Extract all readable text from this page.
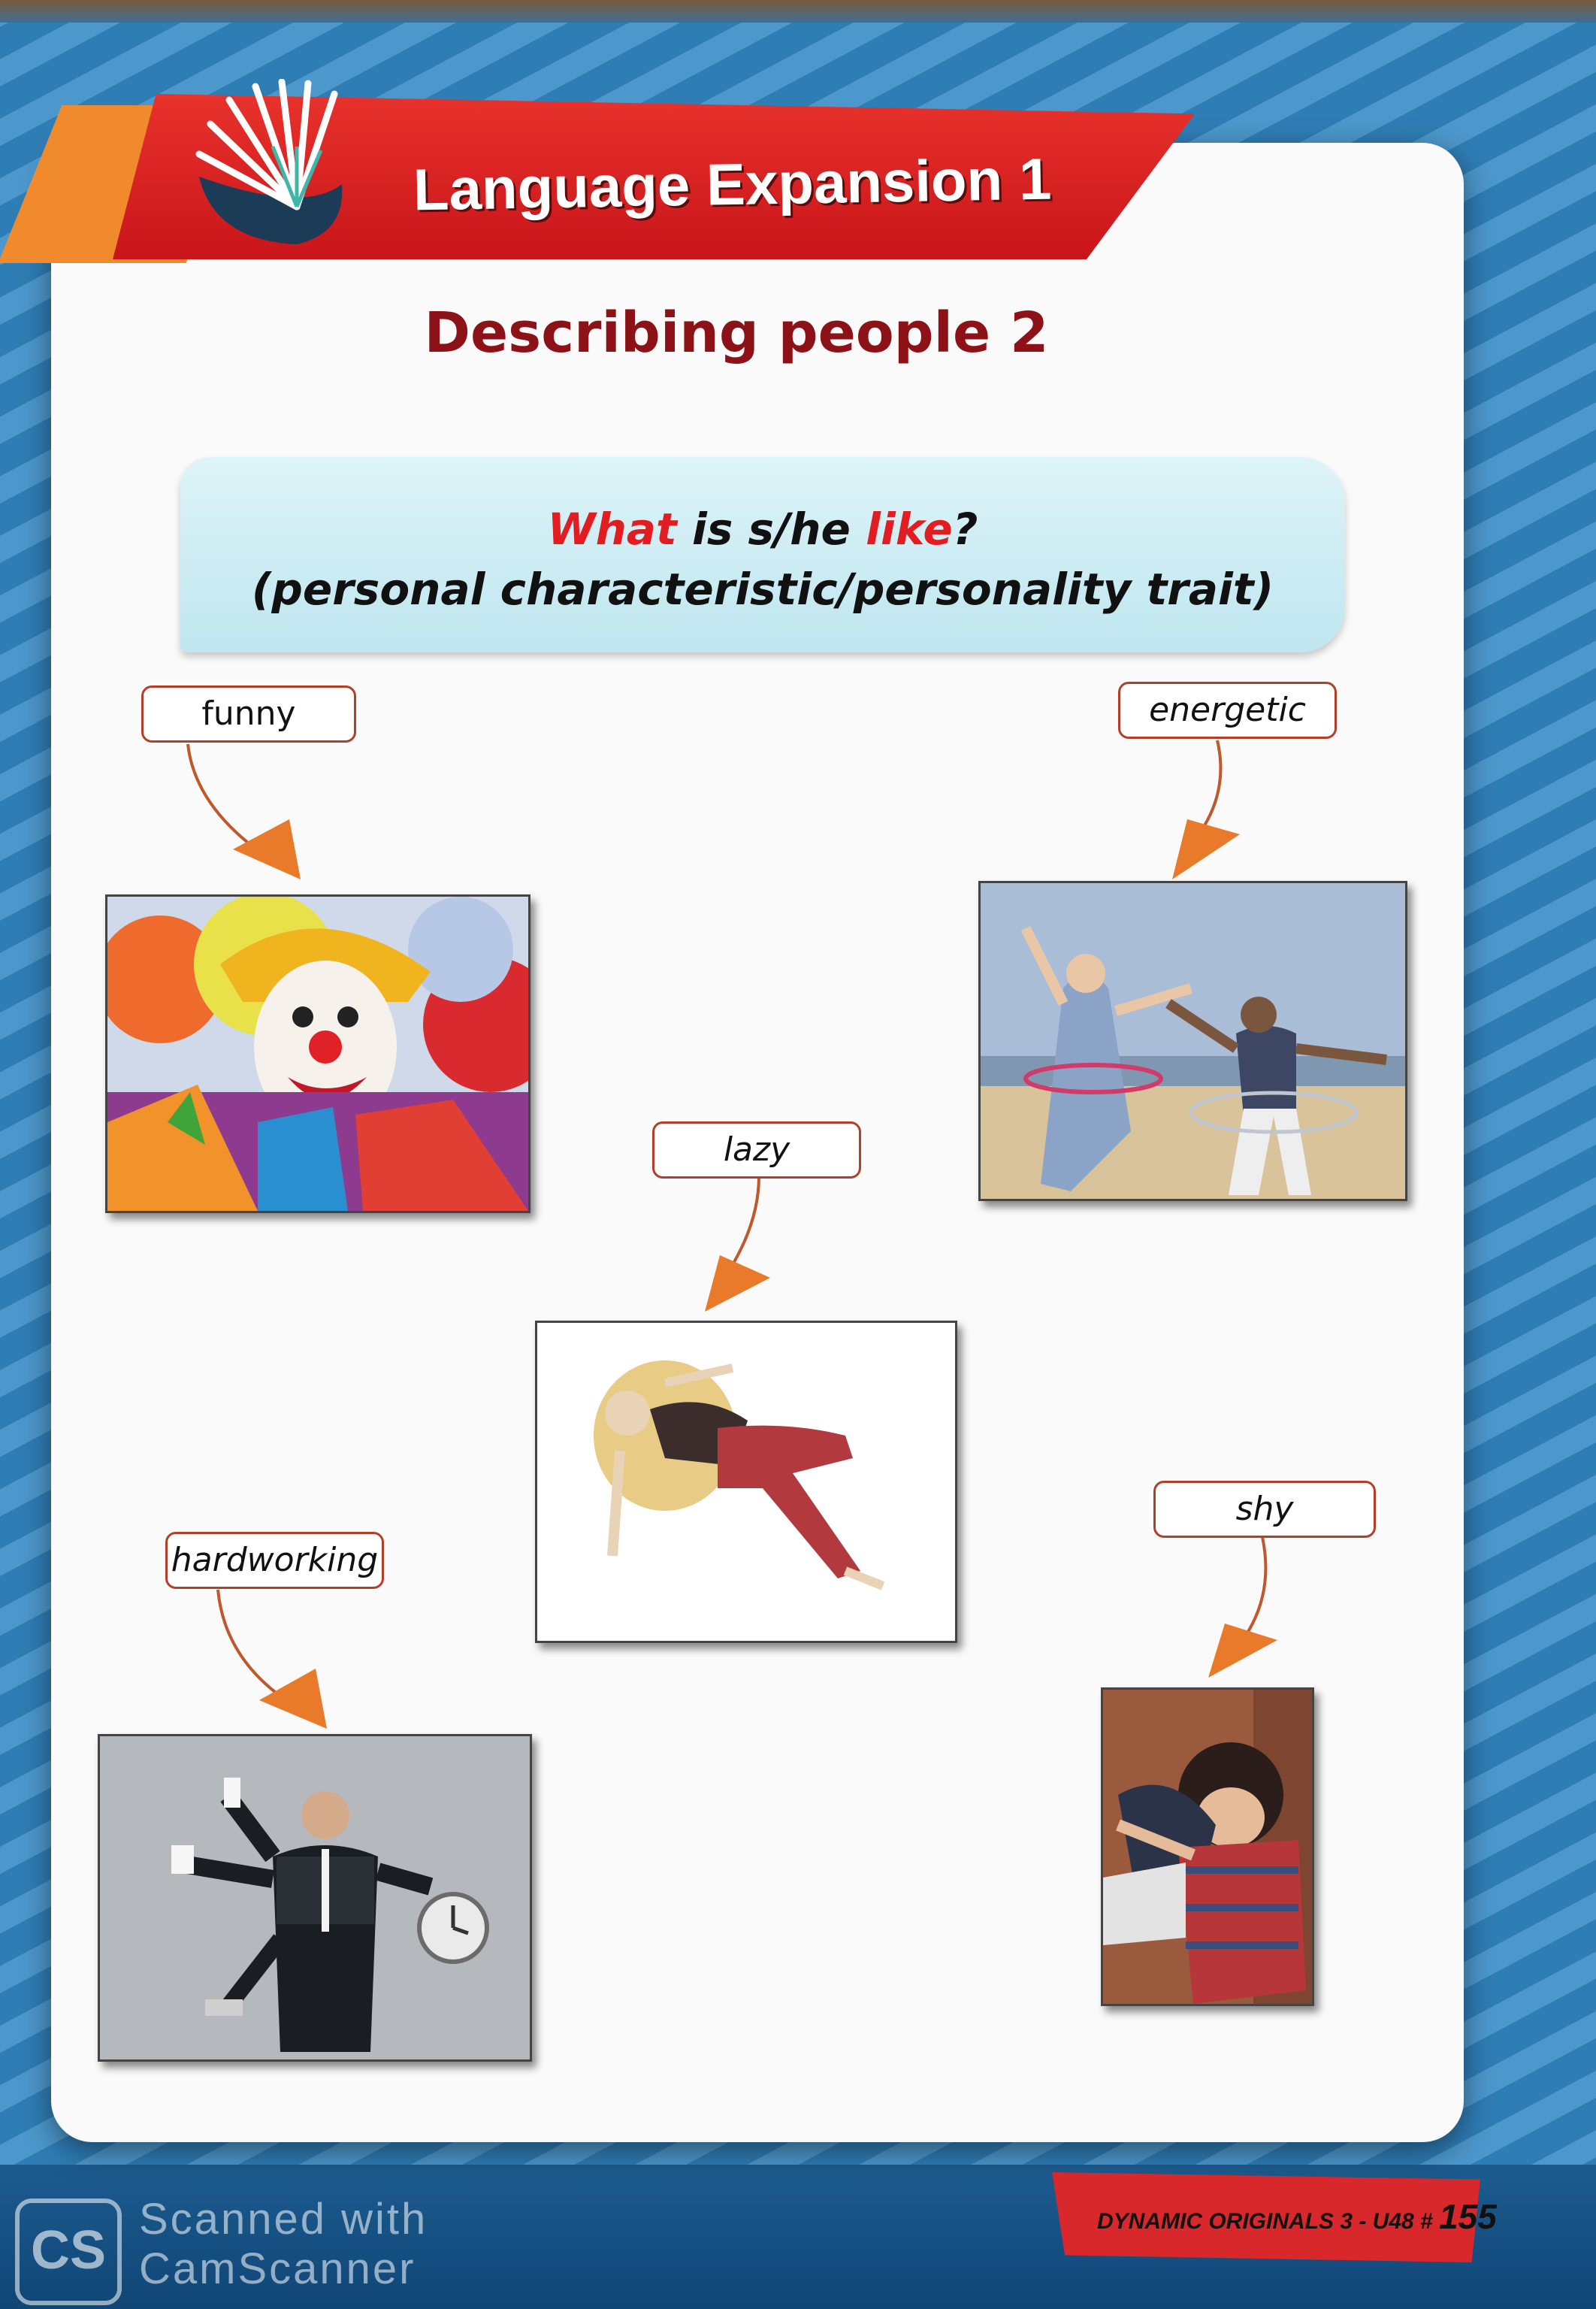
Language Expansion 1
Describing people 2
What is s/he like?
(personal characteristic/personality trait)
funny	energetic
lazy
hardworking
shy
DYNAMIC ORIGINALS 3 - U48 # 155
CS
Scanned with
CamScanner
